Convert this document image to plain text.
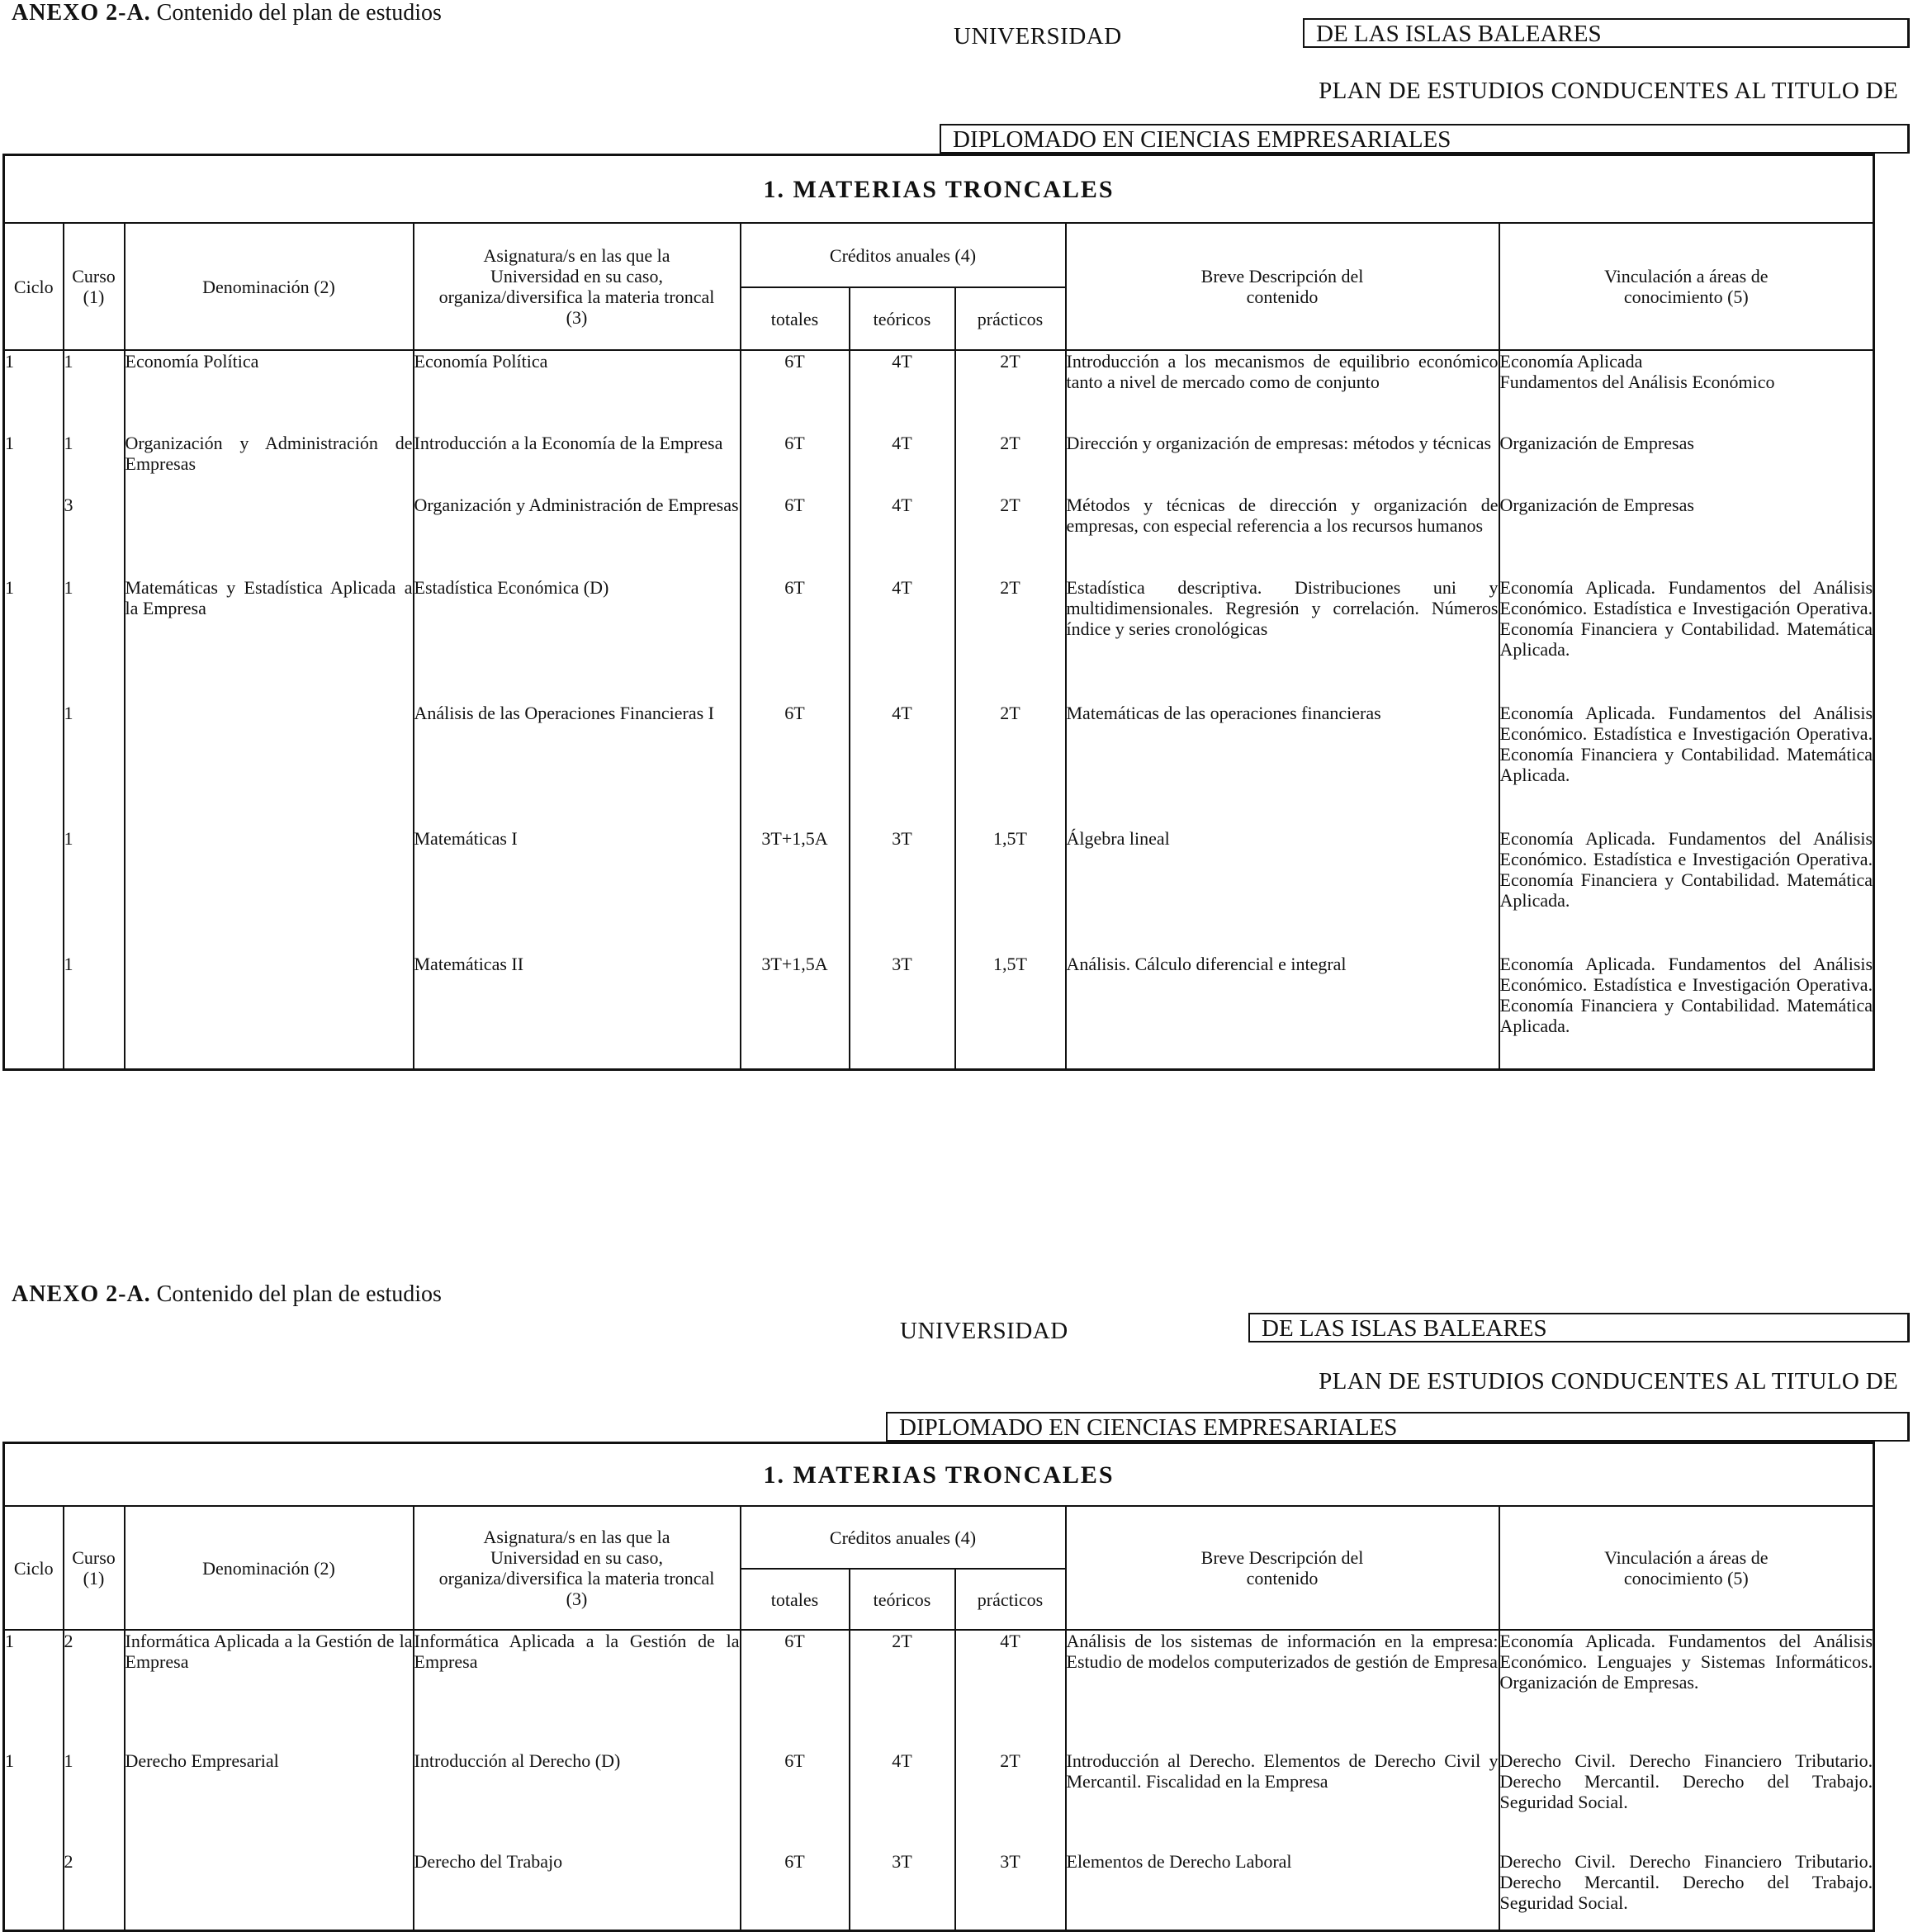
ANEXO 2-A. Contenido del plan de estudios
UNIVERSIDAD	DE LAS ISLAS BALEARES
PLAN DE ESTUDIOS CONDUCENTES AL TITULO DE
DIPLOMADO EN CIENCIAS EMPRESARIALES
1. MATERIAS TRONCALES								
Ciclo	Curso (1)	Denominación (2)	Asignatura/s en las que la Universidad en su caso, organiza/diversifica la materia troncal (3)	Créditos anuales (4)			Breve Descripción del contenido	Vinculación a áreas de conocimiento (5)
				totales	teóricos	prácticos		
1	1	Economía Política	Economía Política	6T	4T	2T	Introducción a los mecanismos de equilibrio económico tanto a nivel de mercado como de conjunto	Economía Aplicada
Fundamentos del Análisis Económico
1	1	Organización y Administración de Empresas	Introducción a la Economía de la Empresa	6T	4T	2T	Dirección y organización de empresas: métodos y técnicas	Organización de Empresas
	3		Organización y Administración de Empresas	6T	4T	2T	Métodos y técnicas de dirección y organización de empresas, con especial referencia a los recursos humanos	Organización de Empresas
1	1	Matemáticas y Estadística Aplicada a la Empresa	Estadística Económica (D)	6T	4T	2T	Estadística descriptiva. Distribuciones uni y multidimensionales. Regresión y correlación. Números índice y series cronológicas	Economía Aplicada. Fundamentos del Análisis Económico. Estadística e Investigación Operativa. Economía Financiera y Contabilidad. Matemática Aplicada.
	1		Análisis de las Operaciones Financieras I	6T	4T	2T	Matemáticas de las operaciones financieras	Economía Aplicada. Fundamentos del Análisis Económico. Estadística e Investigación Operativa. Economía Financiera y Contabilidad. Matemática Aplicada.
	1		Matemáticas I	3T+1,5A	3T	1,5T	Álgebra lineal	Economía Aplicada. Fundamentos del Análisis Económico. Estadística e Investigación Operativa. Economía Financiera y Contabilidad. Matemática Aplicada.
	1		Matemáticas II	3T+1,5A	3T	1,5T	Análisis. Cálculo diferencial e integral	Economía Aplicada. Fundamentos del Análisis Económico. Estadística e Investigación Operativa. Economía Financiera y Contabilidad. Matemática Aplicada.
ANEXO 2-A. Contenido del plan de estudios
UNIVERSIDAD	DE LAS ISLAS BALEARES
PLAN DE ESTUDIOS CONDUCENTES AL TITULO DE
DIPLOMADO EN CIENCIAS EMPRESARIALES
1. MATERIAS TRONCALES								
Ciclo	Curso (1)	Denominación (2)	Asignatura/s en las que la Universidad en su caso, organiza/diversifica la materia troncal (3)	Créditos anuales (4)			Breve Descripción del contenido	Vinculación a áreas de conocimiento (5)
				totales	teóricos	prácticos		
1	2	Informática Aplicada a la Gestión de la Empresa	Informática Aplicada a la Gestión de la Empresa	6T	2T	4T	Análisis de los sistemas de información en la empresa: Estudio de modelos computerizados de gestión de Empresa	Economía Aplicada. Fundamentos del Análisis Económico. Lenguajes y Sistemas Informáticos. Organización de Empresas.
1	1	Derecho Empresarial	Introducción al Derecho (D)	6T	4T	2T	Introducción al Derecho. Elementos de Derecho Civil y Mercantil. Fiscalidad en la Empresa	Derecho Civil. Derecho Financiero Tributario. Derecho Mercantil. Derecho del Trabajo. Seguridad Social.
	2		Derecho del Trabajo	6T	3T	3T	Elementos de Derecho Laboral	Derecho Civil. Derecho Financiero Tributario. Derecho Mercantil. Derecho del Trabajo. Seguridad Social.
